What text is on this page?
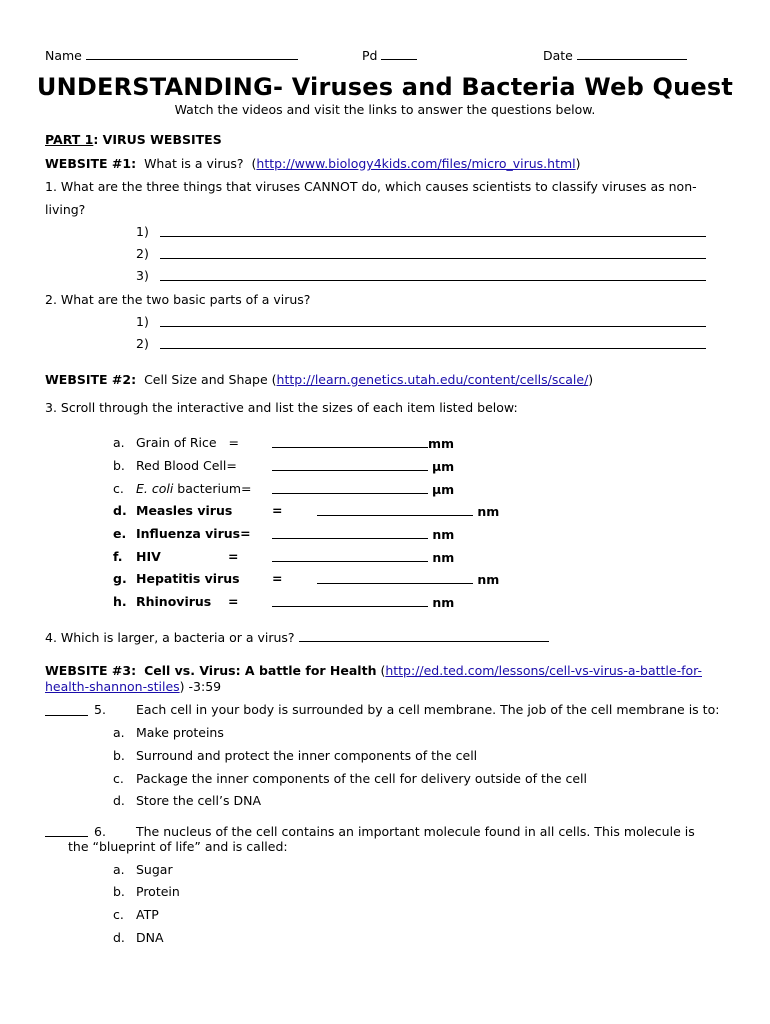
Name	Pd	Date
UNDERSTANDING- Viruses and Bacteria Web Quest
Watch the videos and visit the links to answer the questions below.
PART 1: VIRUS WEBSITES
WEBSITE #1: What is a virus?  (http://www.biology4kids.com/files/micro_virus.html)
1. What are the three things that viruses CANNOT do, which causes scientists to classify viruses as non-
living?
1)
2)
3)
2. What are the two basic parts of a virus?
1)
2)
WEBSITE #2: Cell Size and Shape (http://learn.genetics.utah.edu/content/cells/scale/)
3. Scroll through the interactive and list the sizes of each item listed below:
a. Grain of Rice =	mm
b. Red Blood Cell=	µm
c. E. coli bacterium=	µm
d. Measles virus	=	nm
e. Influenza virus=	nm
f. HIV	=	nm
g. Hepatitis virus	=	nm
h. Rhinovirus =	nm
4. Which is larger, a bacteria or a virus?
WEBSITE #3: Cell vs. Virus: A battle for Health (http://ed.ted.com/lessons/cell-vs-virus-a-battle-for-
health-shannon-stiles) -3:59
5. Each cell in your body is surrounded by a cell membrane. The job of the cell membrane is to:
a. Make proteins
b. Surround and protect the inner components of the cell
c. Package the inner components of the cell for delivery outside of the cell
d. Store the cell’s DNA
6. The nucleus of the cell contains an important molecule found in all cells. This molecule is
the “blueprint of life” and is called:
a. Sugar
b. Protein
c. ATP
d. DNA
